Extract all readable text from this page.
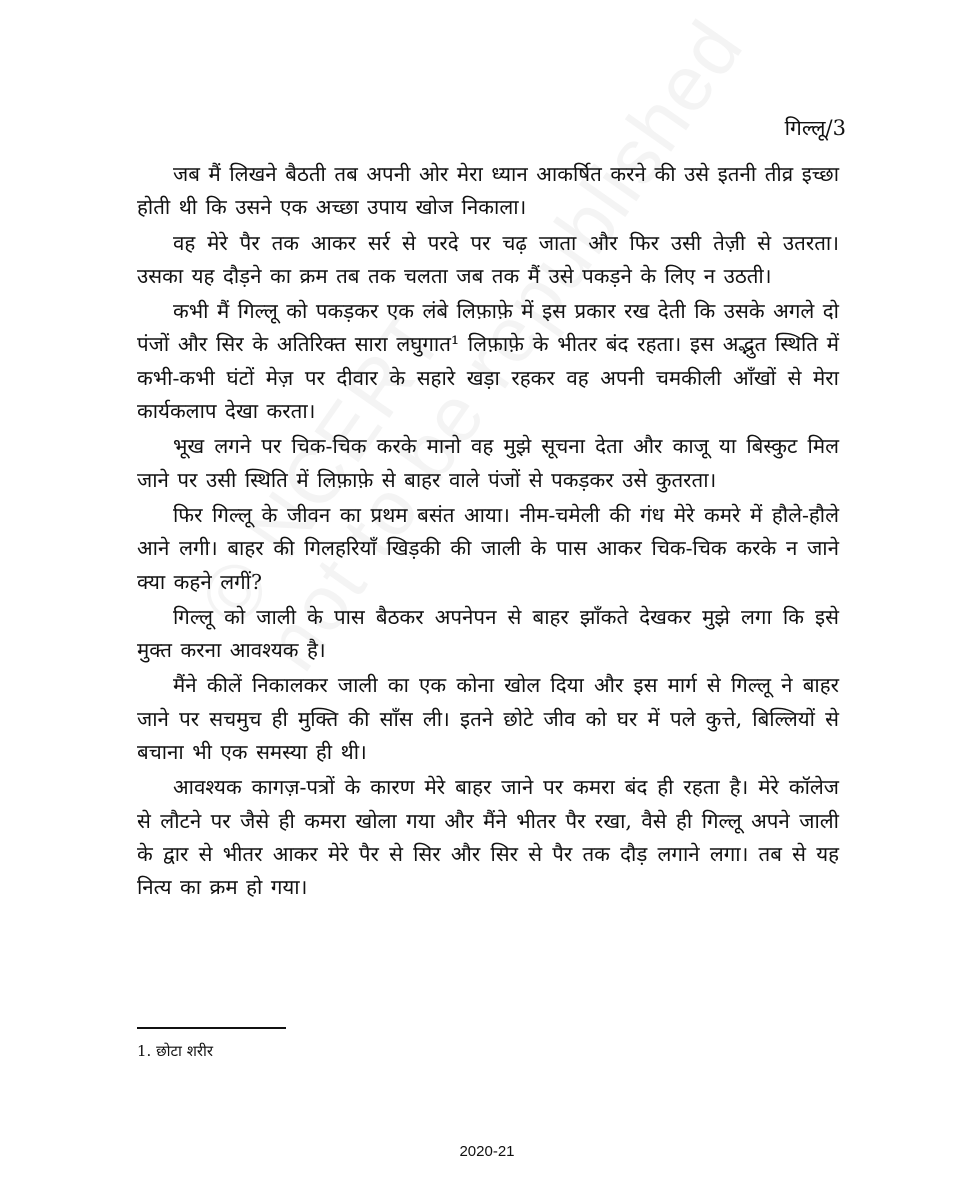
गिल्लू/3

जब मैं लिखने बैठती तब अपनी ओर मेरा ध्यान आकर्षित करने की उसे इतनी तीव्र इच्छा होती थी कि उसने एक अच्छा उपाय खोज निकाला।

वह मेरे पैर तक आकर सर्र से परदे पर चढ़ जाता और फिर उसी तेज़ी से उतरता। उसका यह दौड़ने का क्रम तब तक चलता जब तक मैं उसे पकड़ने के लिए न उठती।

कभी मैं गिल्लू को पकड़कर एक लंबे लिफ़ाफ़े में इस प्रकार रख देती कि उसके अगले दो पंजों और सिर के अतिरिक्त सारा लघुगात¹ लिफ़ाफ़े के भीतर बंद रहता। इस अद्भुत स्थिति में कभी-कभी घंटों मेज़ पर दीवार के सहारे खड़ा रहकर वह अपनी चमकीली आँखों से मेरा कार्यकलाप देखा करता।

भूख लगने पर चिक-चिक करके मानो वह मुझे सूचना देता और काजू या बिस्कुट मिल जाने पर उसी स्थिति में लिफ़ाफ़े से बाहर वाले पंजों से पकड़कर उसे कुतरता।

फिर गिल्लू के जीवन का प्रथम बसंत आया। नीम-चमेली की गंध मेरे कमरे में हौले-हौले आने लगी। बाहर की गिलहरियाँ खिड़की की जाली के पास आकर चिक-चिक करके न जाने क्या कहने लगीं?

गिल्लू को जाली के पास बैठकर अपनेपन से बाहर झाँकते देखकर मुझे लगा कि इसे मुक्त करना आवश्यक है।

मैंने कीलें निकालकर जाली का एक कोना खोल दिया और इस मार्ग से गिल्लू ने बाहर जाने पर सचमुच ही मुक्ति की साँस ली। इतने छोटे जीव को घर में पले कुत्ते, बिल्लियों से बचाना भी एक समस्या ही थी।

आवश्यक कागज़-पत्रों के कारण मेरे बाहर जाने पर कमरा बंद ही रहता है। मेरे कॉलेज से लौटने पर जैसे ही कमरा खोला गया और मैंने भीतर पैर रखा, वैसे ही गिल्लू अपने जाली के द्वार से भीतर आकर मेरे पैर से सिर और सिर से पैर तक दौड़ लगाने लगा। तब से यह नित्य का क्रम हो गया।

1. छोटा शरीर
2020-21
